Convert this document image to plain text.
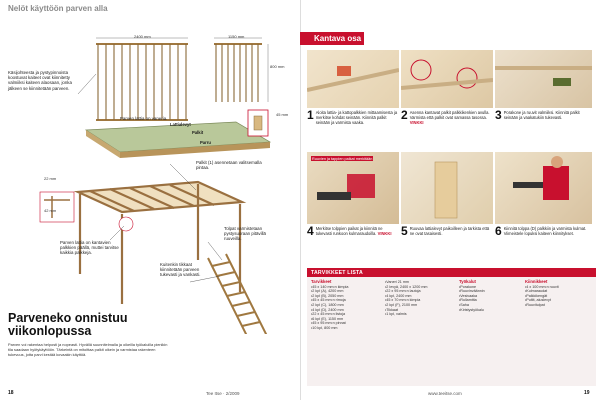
Nelöt käyttöön parven alla
2400 mm	1150 mm
800 mm
45 mm
22 mm
42 mm
Lattialevyt
Palkit
Parru
Käsijohteesta ja pystypinnoista koostuvat kaiteet ovat kiinnitetty valmiiksi kaiteen alaosaan, jonka jälkeen se kiinnitetään parveen.
Parven lattia on vaneria.
Palkit (1) asennetaan valitsemalla pintaa.
Parven lattia on kantavien palkkien päällä, muttei tarvitse kaikkia palkkeja.
Kuitenkin tikkaat kiinnitetään parveen tukevasti ja vankasti.
Tolpat varmistetaan pystysuoraan pitävillä ruuveilla.
Parveneko onnistuu viikonlopussa
Parven voi rakentaa helposti ja nopeasti. Hyvällä suunnitelmalla ja oikeilla työkaluilla pienikin tila saadaan hyötykäyttöön. Tärkeintä on mitoittaa palkit oikein ja varmistaa rakenteen tukevuus, jotta parvi kestää kovaakin käyttöä.
18	Tee Itse · 2/2009
Kantava osa
1 Aloita lattia- ja kattopalkkien mittaamisesta ja merkitse kohdat seinään. Kiinnitä palkit seinään ja varmista vaaka.
2 Asenna kantavat palkit palkkikenkien avulla. Varmista että palkit ovat samassa tasossa. VINKKI
3 Porakone ja ruuvit valmiiksi. Kiinnitä palkit seinään ja vaakatukiin tukevasti.
Ruuvien ja tappien paikat merkitään
4 Merkitse tolppien paikat ja kiinnitä ne tukevasti runkoon kulmaraudoilla. VINKKI 5 Ruuvaa lattialevyt paikoilleen ja tarkista että ne ovat tasaisesti.	6 Kiinnitä tolppa (D) palkkiin ja varmista kulmat. Viimeistele lopuksi kaiteen kiinnitykset.
TARVIKKEET LISTA
Tarvikkeet
• 45 x 140 mm:n kimpia
• 2 kpl (A), 4200 mm
• 2 kpl (B), 2050 mm
• 45 x 45 mm:n rimoja
• 2 kpl (C), 1800 mm
• 4 kpl (D), 2400 mm
• 22 x 45 mm:n listoja
• 6 kpl (E), 1150 mm
• 45 x 95 mm:n pinnat
• 10 kpl, 800 mm
• Vaneri 21 mm
• 2 levyä, 2400 x 1200 mm
• 22 x 95 mm:n lautoja
• 4 kpl, 2400 mm
• 45 x 70 mm:n kimpia
• 2 kpl (F), 2100 mm
• Tikkaat
• 1 kpl, valmis
Työkalut
• Porakone
• Ruuvinväännin
• Vesivaaka
• Rullamitta
• Saha
• Kiristystyökalu
Kiinnikkeet
• 4 x 100 mm:n ruuvit
• Kulmaraudat
• Palkkikengät
• Pultit, aluslevyt
• Ruuvitulpat
www.teeitse.com	19
